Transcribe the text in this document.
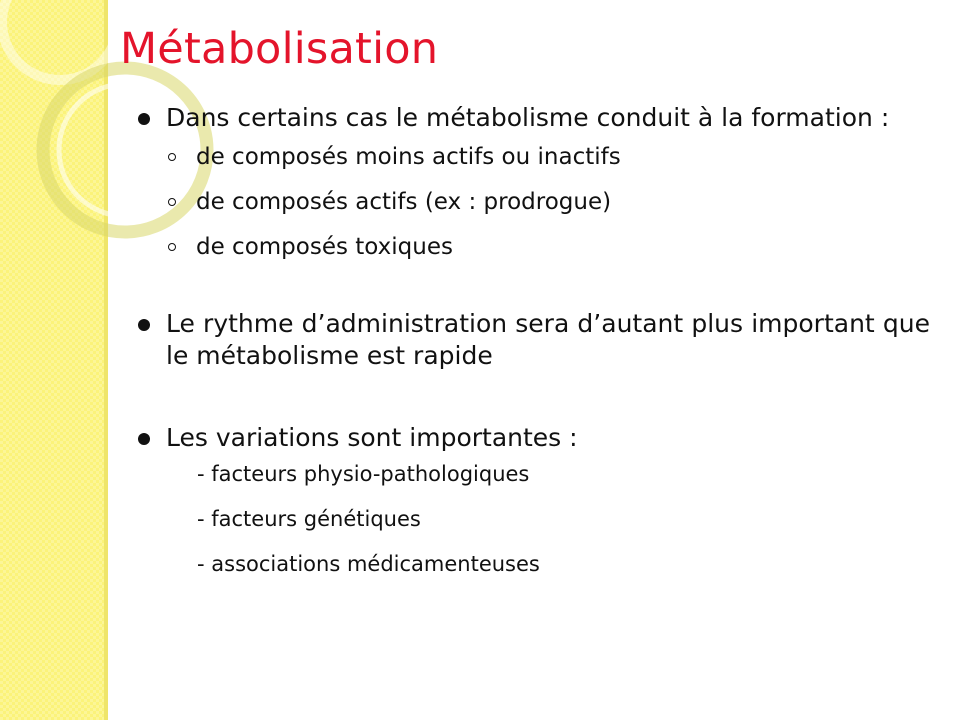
Métabolisation
Dans certains cas le métabolisme conduit à la formation :
de composés moins actifs ou inactifs
de composés actifs (ex : prodrogue)
de composés toxiques
Le rythme d’administration sera d’autant plus important que le métabolisme est rapide
Les variations sont importantes :
- facteurs physio-pathologiques
- facteurs génétiques
- associations médicamenteuses
